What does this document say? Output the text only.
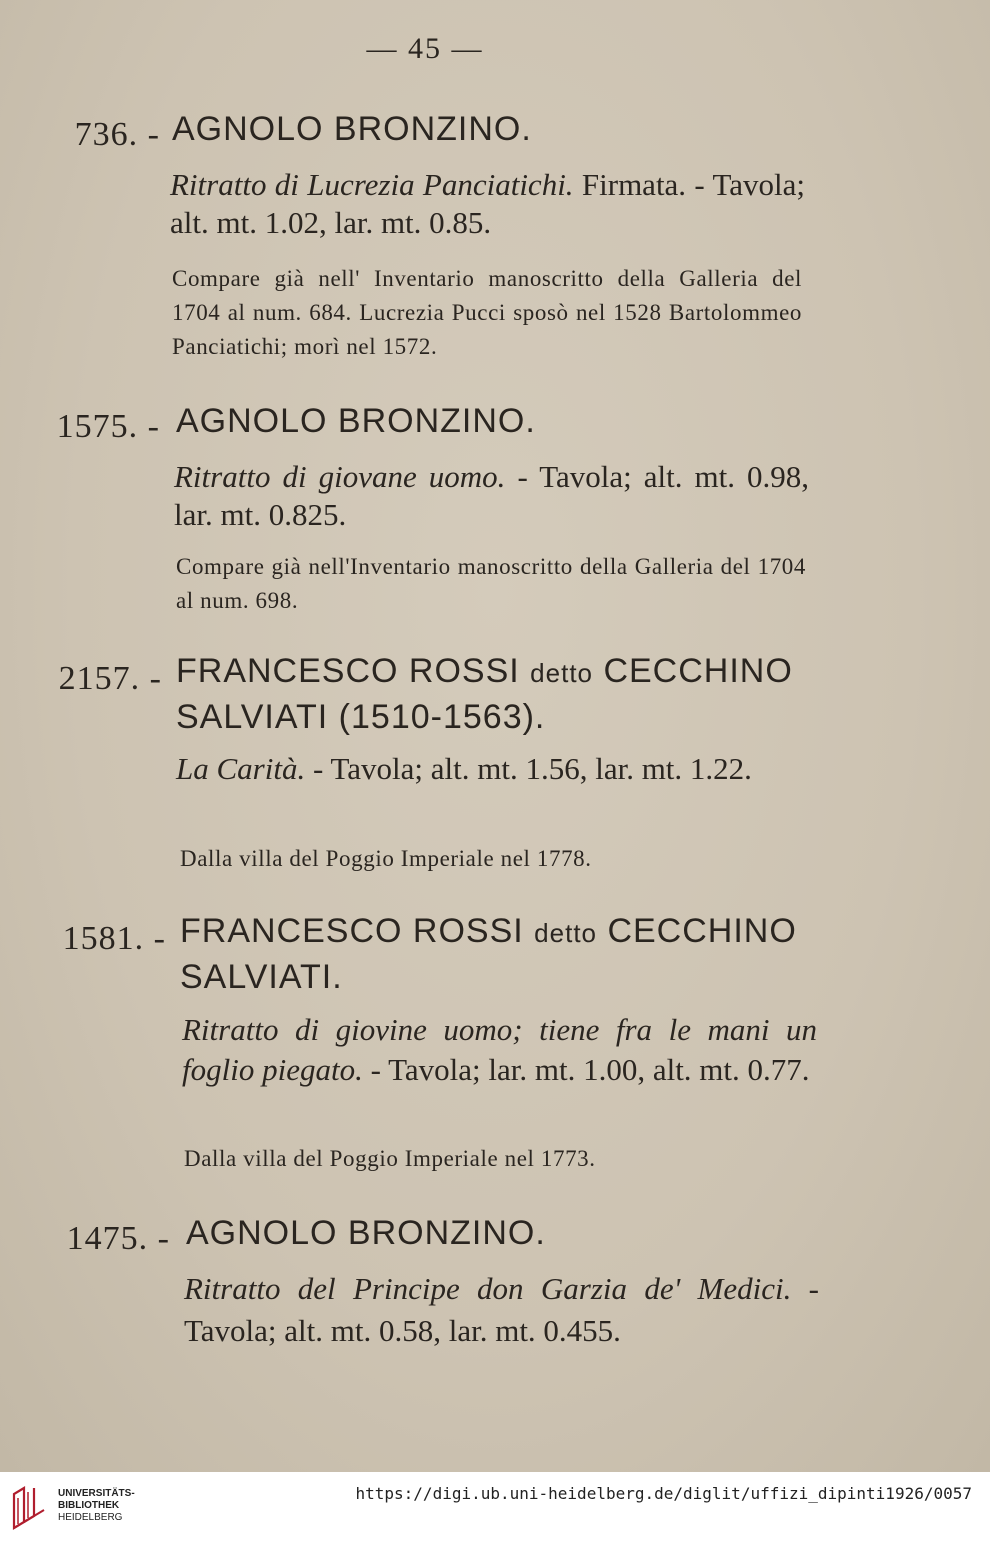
— 45 —
736. - AGNOLO BRONZINO.
Ritratto di Lucrezia Panciatichi. Firmata. - Tavola; alt. mt. 1.02, lar. mt. 0.85.
Compare già nell' Inventario manoscritto della Galleria del 1704 al num. 684. Lucrezia Pucci sposò nel 1528 Bartolommeo Panciatichi; morì nel 1572.
1575. - AGNOLO BRONZINO.
Ritratto di giovane uomo. - Tavola; alt. mt. 0.98, lar. mt. 0.825.
Compare già nell'Inventario manoscritto della Galleria del 1704 al num. 698.
2157. - FRANCESCO ROSSI detto CECCHINO
SALVIATI (1510-1563).
La Carità. - Tavola; alt. mt. 1.56, lar. mt. 1.22.
Dalla villa del Poggio Imperiale nel 1778.
1581. - FRANCESCO ROSSI detto CECCHINO
SALVIATI.
Ritratto di giovine uomo; tiene fra le mani un foglio piegato. - Tavola; lar. mt. 1.00, alt. mt. 0.77.
Dalla villa del Poggio Imperiale nel 1773.
1475. - AGNOLO BRONZINO.
Ritratto del Principe don Garzia de' Medici. - Tavola; alt. mt. 0.58, lar. mt. 0.455.
UNIVERSITÄTS-
BIBLIOTHEK
HEIDELBERG
https://digi.ub.uni-heidelberg.de/diglit/uffizi_dipinti1926/0057
